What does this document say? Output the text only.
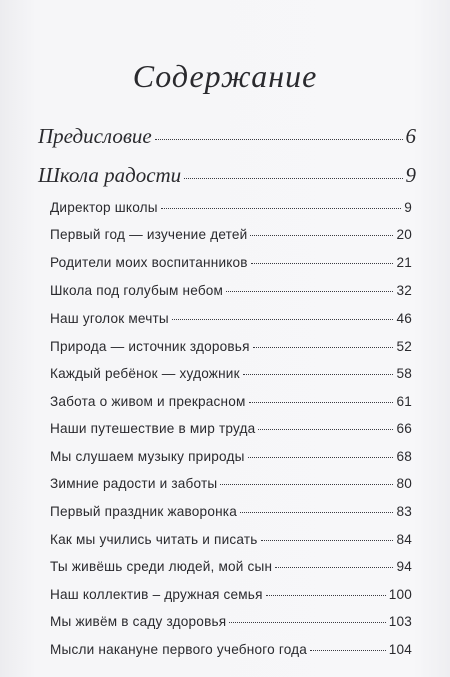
Содержание
Предисловие	6
Школа радости	9
Директор школы	9
Первый год — изучение детей	20
Родители моих воспитанников	21
Школа под голубым небом	32
Наш уголок мечты	46
Природа — источник здоровья	52
Каждый ребёнок — художник	58
Забота о живом и прекрасном	61
Наши путешествие в мир труда	66
Мы слушаем музыку природы	68
Зимние радости и заботы	80
Первый праздник жаворонка	83
Как мы учились читать и писать	84
Ты живёшь среди людей, мой сын	94
Наш коллектив – дружная семья	100
Мы живём в саду здоровья	103
Мысли накануне первого учебного года	104
